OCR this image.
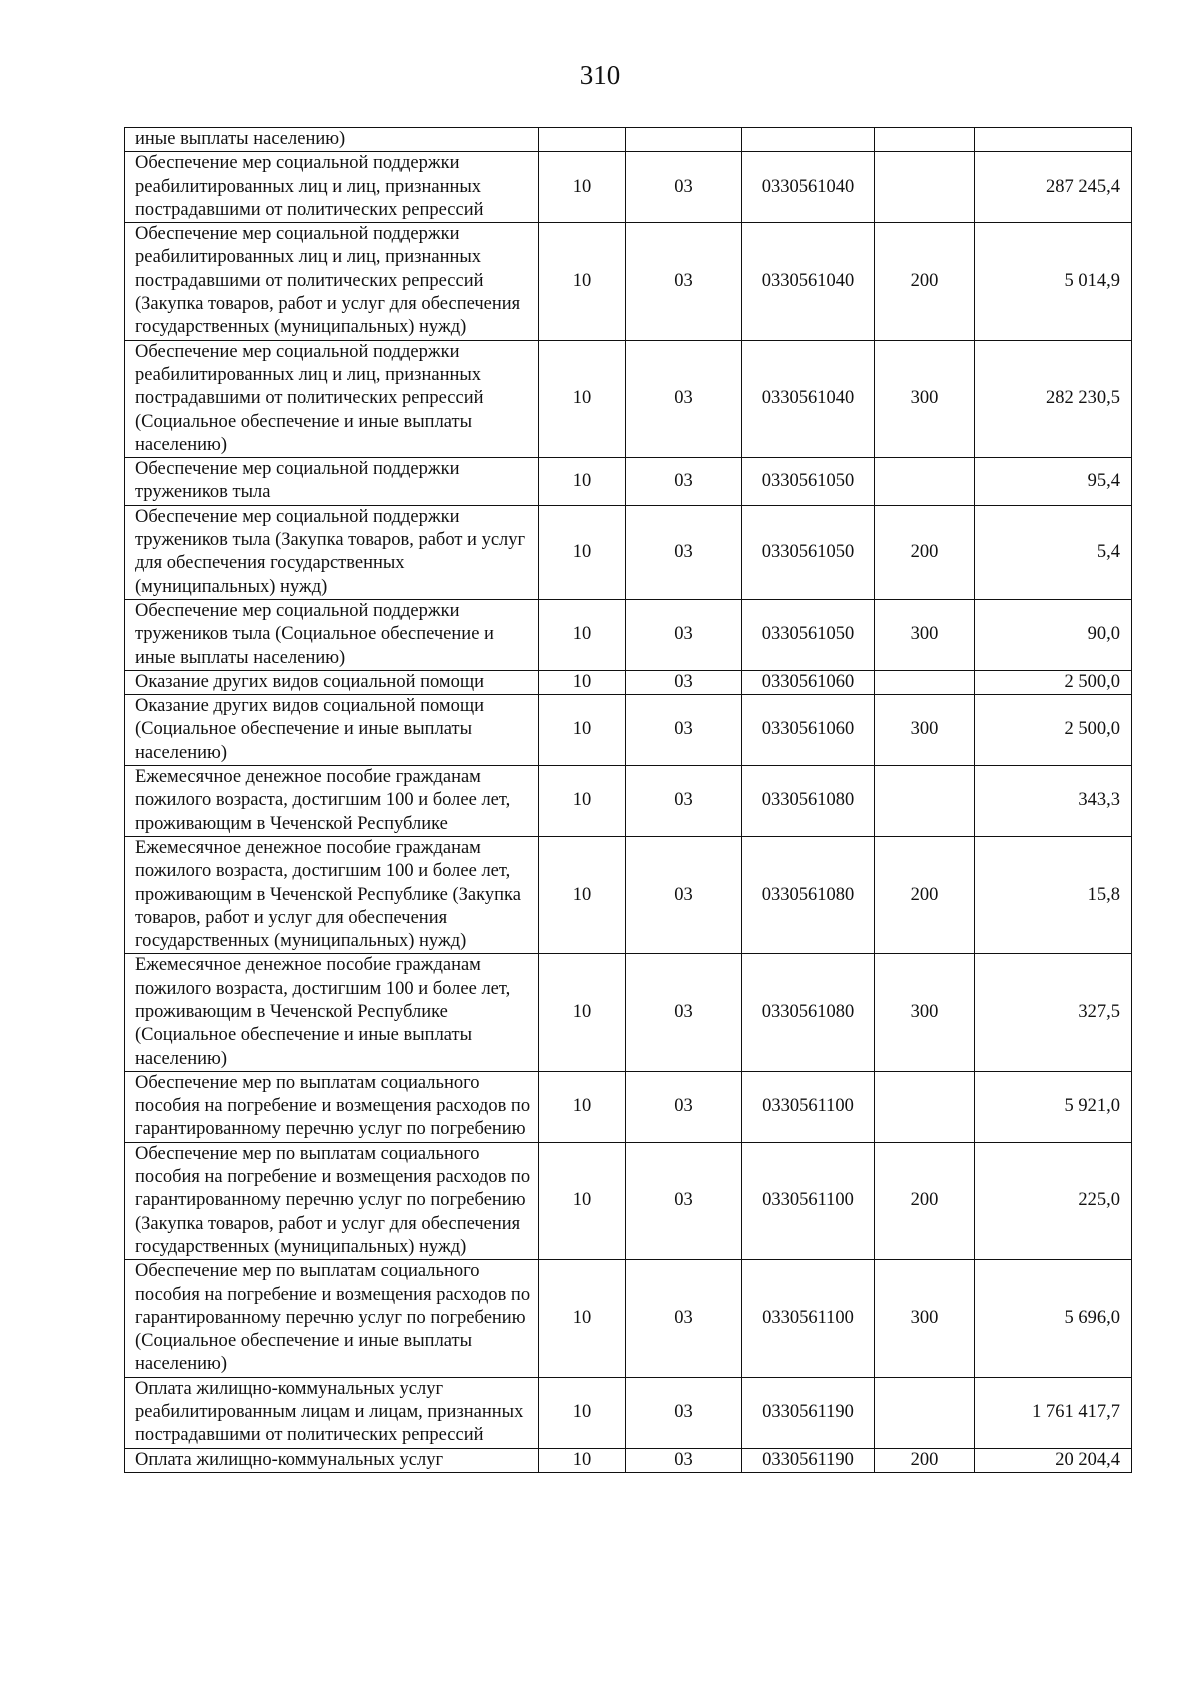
310
иные выплаты населению)					
Обеспечение мер социальной поддержки реабилитированных лиц и лиц, признанных пострадавшими от политических репрессий	10	03	0330561040		287 245,4
Обеспечение мер социальной поддержки реабилитированных лиц и лиц, признанных пострадавшими от политических репрессий (Закупка товаров, работ и услуг для обеспечения государственных (муниципальных) нужд)	10	03	0330561040	200	5 014,9
Обеспечение мер социальной поддержки реабилитированных лиц и лиц, признанных пострадавшими от политических репрессий (Социальное обеспечение и иные выплаты населению)	10	03	0330561040	300	282 230,5
Обеспечение мер социальной поддержки тружеников тыла	10	03	0330561050		95,4
Обеспечение мер социальной поддержки тружеников тыла (Закупка товаров, работ и услуг для обеспечения государственных (муниципальных) нужд)	10	03	0330561050	200	5,4
Обеспечение мер социальной поддержки тружеников тыла (Социальное обеспечение и иные выплаты населению)	10	03	0330561050	300	90,0
Оказание других видов социальной помощи	10	03	0330561060		2 500,0
Оказание других видов социальной помощи (Социальное обеспечение и иные выплаты населению)	10	03	0330561060	300	2 500,0
Ежемесячное денежное пособие гражданам пожилого возраста, достигшим 100 и более лет, проживающим в Чеченской Республике	10	03	0330561080		343,3
Ежемесячное денежное пособие гражданам пожилого возраста, достигшим 100 и более лет, проживающим в Чеченской Республике (Закупка товаров, работ и услуг для обеспечения государственных (муниципальных) нужд)	10	03	0330561080	200	15,8
Ежемесячное денежное пособие гражданам пожилого возраста, достигшим 100 и более лет, проживающим в Чеченской Республике (Социальное обеспечение и иные выплаты населению)	10	03	0330561080	300	327,5
Обеспечение мер по выплатам социального пособия на погребение и возмещения расходов по гарантированному перечню услуг по погребению	10	03	0330561100		5 921,0
Обеспечение мер по выплатам социального пособия на погребение и возмещения расходов по гарантированному перечню услуг по погребению (Закупка товаров, работ и услуг для обеспечения государственных (муниципальных) нужд)	10	03	0330561100	200	225,0
Обеспечение мер по выплатам социального пособия на погребение и возмещения расходов по гарантированному перечню услуг по погребению (Социальное обеспечение и иные выплаты населению)	10	03	0330561100	300	5 696,0
Оплата жилищно-коммунальных услуг реабилитированным лицам и лицам, признанных пострадавшими от политических репрессий	10	03	0330561190		1 761 417,7
Оплата жилищно-коммунальных услуг	10	03	0330561190	200	20 204,4
